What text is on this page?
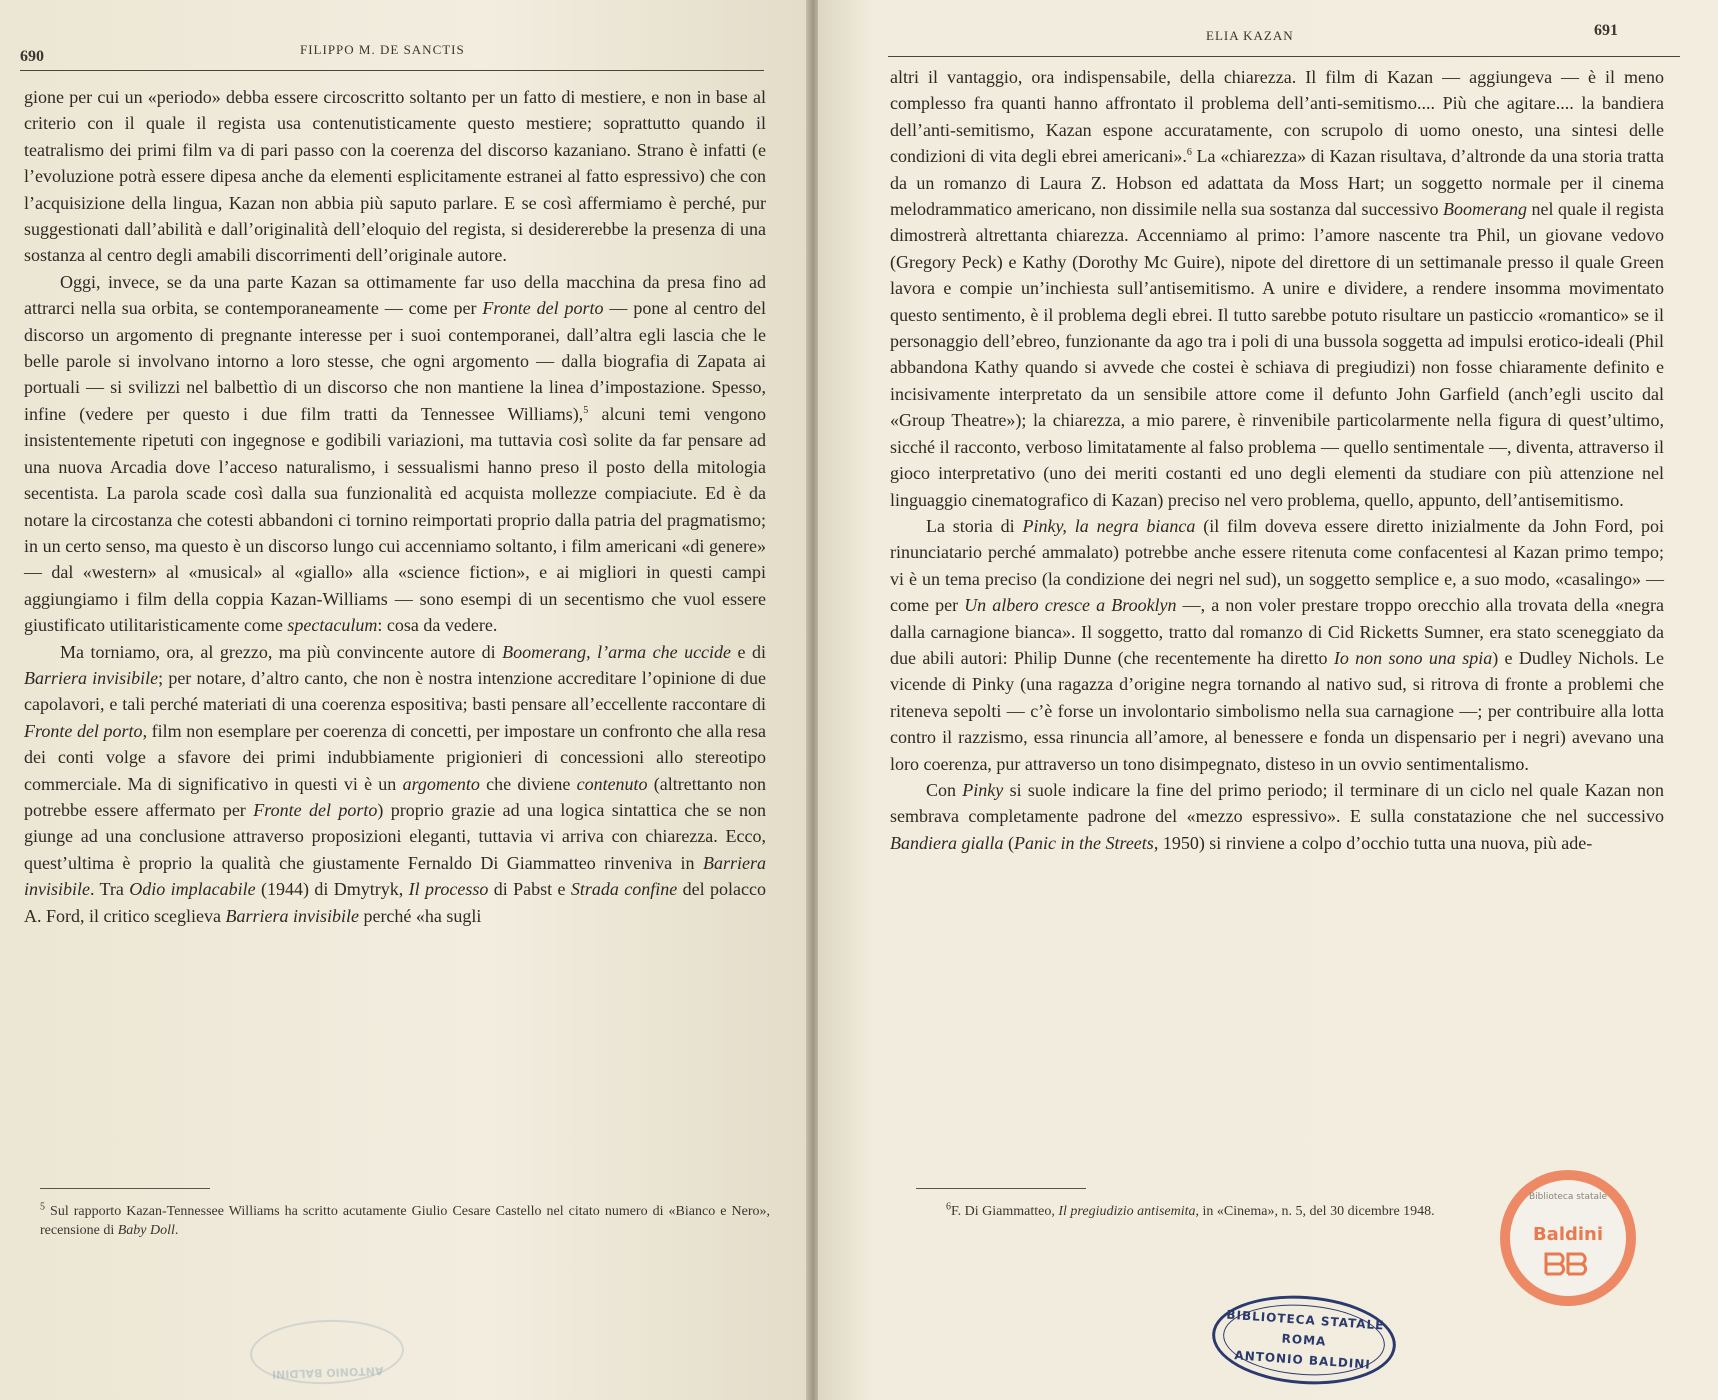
690	FILIPPO M. DE SANCTIS

gione per cui un «periodo» debba essere circoscritto soltanto per un fatto di mestiere, e non in base al criterio con il quale il regista usa contenutisticamente questo mestiere; soprattutto quando il teatralismo dei primi film va di pari passo con la coerenza del discorso kazaniano. Strano è infatti (e l’evoluzione potrà essere dipesa anche da elementi esplicitamente estranei al fatto espressivo) che con l’acquisizione della lingua, Kazan non abbia più saputo parlare. E se così affermiamo è perché, pur suggestionati dall’abilità e dall’originalità dell’eloquio del regista, si desidererebbe la presenza di una sostanza al centro degli amabili discorrimenti dell’originale autore.

Oggi, invece, se da una parte Kazan sa ottimamente far uso della macchina da presa fino ad attrarci nella sua orbita, se contemporaneamente — come per Fronte del porto — pone al centro del discorso un argomento di pregnante interesse per i suoi contemporanei, dall’altra egli lascia che le belle parole si involvano intorno a loro stesse, che ogni argomento — dalla biografia di Zapata ai portuali — si svilizzi nel balbettìo di un discorso che non mantiene la linea d’impostazione. Spesso, infine (vedere per questo i due film tratti da Tennessee Williams),$^5$ alcuni temi vengono insistentemente ripetuti con ingegnose e godibili variazioni, ma tuttavia così solite da far pensare ad una nuova Arcadia dove l’acceso naturalismo, i sessualismi hanno preso il posto della mitologia secentista. La parola scade così dalla sua funzionalità ed acquista mollezze compiaciute. Ed è da notare la circostanza che cotesti abbandoni ci tornino reimportati proprio dalla patria del pragmatismo; in un certo senso, ma questo è un discorso lungo cui accenniamo soltanto, i film americani «di genere» — dal «western» al «musical» al «giallo» alla «science fiction», e ai migliori in questi campi aggiungiamo i film della coppia Kazan-Williams — sono esempi di un secentismo che vuol essere giustificato utilitaristicamente come spectaculum: cosa da vedere.

Ma torniamo, ora, al grezzo, ma più convincente autore di Boomerang, l’arma che uccide e di Barriera invisibile; per notare, d’altro canto, che non è nostra intenzione accreditare l’opinione di due capolavori, e tali perché materiati di una coerenza espositiva; basti pensare all’eccellente raccontare di Fronte del porto, film non esemplare per coerenza di concetti, per impostare un confronto che alla resa dei conti volge a sfavore dei primi indubbiamente prigionieri di concessioni allo stereotipo commerciale. Ma di significativo in questi vi è un argomento che diviene contenuto (altrettanto non potrebbe essere affermato per Fronte del porto) proprio grazie ad una logica sintattica che se non giunge ad una conclusione attraverso proposizioni eleganti, tuttavia vi arriva con chiarezza. Ecco, quest’ultima è proprio la qualità che giustamente Fernaldo Di Giammatteo rinveniva in Barriera invisibile. Tra Odio implacabile (1944) di Dmytryk, Il processo di Pabst e Strada confine del polacco A. Ford, il critico sceglieva Barriera invisibile perché «ha sugli

$^5$ Sul rapporto Kazan-Tennessee Williams ha scritto acutamente Giulio Cesare Castello nel citato numero di «Bianco e Nero», recensione di Baby Doll.
ANTONIO BALDINI
ELIA KAZAN	691

altri il vantaggio, ora indispensabile, della chiarezza. Il film di Kazan — aggiungeva — è il meno complesso fra quanti hanno affrontato il problema dell’anti-semitismo.... Più che agitare.... la bandiera dell’anti-semitismo, Kazan espone accuratamente, con scrupolo di uomo onesto, una sintesi delle condizioni di vita degli ebrei americani».$^6$ La «chiarezza» di Kazan risultava, d’altronde da una storia tratta da un romanzo di Laura Z. Hobson ed adattata da Moss Hart; un soggetto normale per il cinema melodrammatico americano, non dissimile nella sua sostanza dal successivo Boomerang nel quale il regista dimostrerà altrettanta chiarezza. Accenniamo al primo: l’amore nascente tra Phil, un giovane vedovo (Gregory Peck) e Kathy (Dorothy Mc Guire), nipote del direttore di un settimanale presso il quale Green lavora e compie un’inchiesta sull’antisemitismo. A unire e dividere, a rendere insomma movimentato questo sentimento, è il problema degli ebrei. Il tutto sarebbe potuto risultare un pasticcio «romantico» se il personaggio dell’ebreo, funzionante da ago tra i poli di una bussola soggetta ad impulsi erotico-ideali (Phil abbandona Kathy quando si avvede che costei è schiava di pregiudizi) non fosse chiaramente definito e incisivamente interpretato da un sensibile attore come il defunto John Garfield (anch’egli uscito dal «Group Theatre»); la chiarezza, a mio parere, è rinvenibile particolarmente nella figura di quest’ultimo, sicché il racconto, verboso limitatamente al falso problema — quello sentimentale —, diventa, attraverso il gioco interpretativo (uno dei meriti costanti ed uno degli elementi da studiare con più attenzione nel linguaggio cinematografico di Kazan) preciso nel vero problema, quello, appunto, dell’antisemitismo.

La storia di Pinky, la negra bianca (il film doveva essere diretto inizialmente da John Ford, poi rinunciatario perché ammalato) potrebbe anche essere ritenuta come confacentesi al Kazan primo tempo; vi è un tema preciso (la condizione dei negri nel sud), un soggetto semplice e, a suo modo, «casalingo» — come per Un albero cresce a Brooklyn —, a non voler prestare troppo orecchio alla trovata della «negra dalla carnagione bianca». Il soggetto, tratto dal romanzo di Cid Ricketts Sumner, era stato sceneggiato da due abili autori: Philip Dunne (che recentemente ha diretto Io non sono una spia) e Dudley Nichols. Le vicende di Pinky (una ragazza d’origine negra tornando al nativo sud, si ritrova di fronte a problemi che riteneva sepolti — c’è forse un involontario simbolismo nella sua carnagione —; per contribuire alla lotta contro il razzismo, essa rinuncia all’amore, al benessere e fonda un dispensario per i negri) avevano una loro coerenza, pur attraverso un tono disimpegnato, disteso in un ovvio sentimentalismo.

Con Pinky si suole indicare la fine del primo periodo; il terminare di un ciclo nel quale Kazan non sembrava completamente padrone del «mezzo espressivo». E sulla constatazione che nel successivo Bandiera gialla (Panic in the Streets, 1950) si rinviene a colpo d’occhio tutta una nuova, più ade-

$^6$F. Di Giammatteo, Il pregiudizio antisemita, in «Cinema», n. 5, del 30 dicembre 1948.
BIBLIOTECA STATALE
ROMA
ANTONIO BALDINI
Biblioteca statale
Baldini
